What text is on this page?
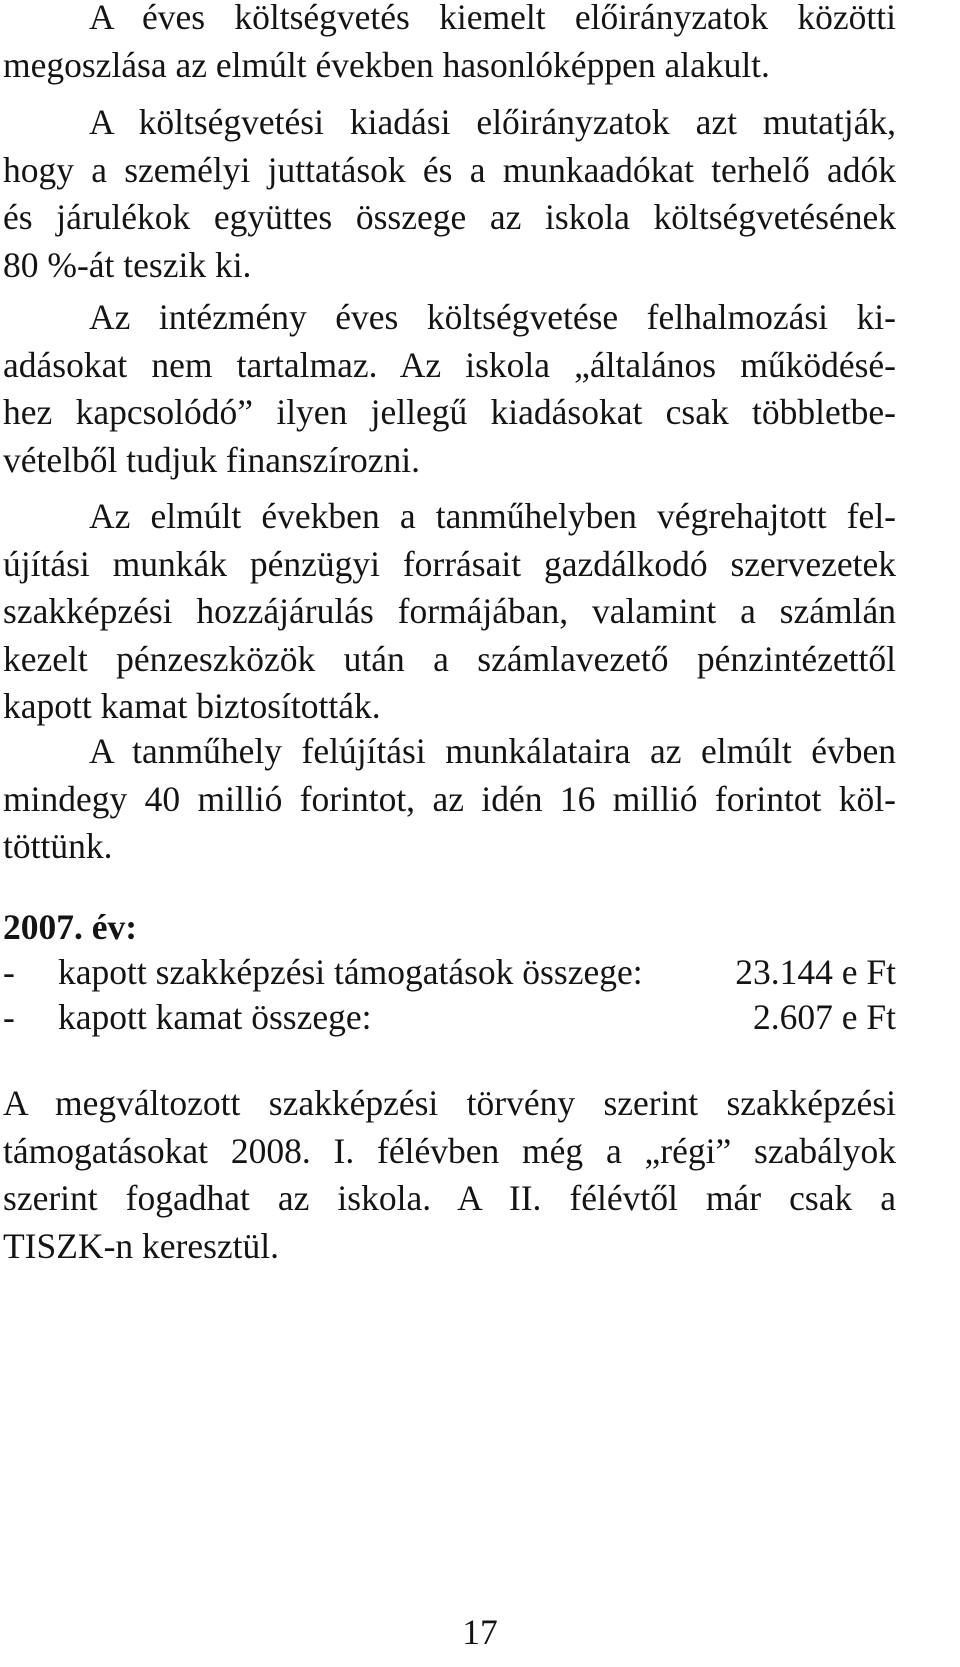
A éves költségvetés kiemelt előirányzatok közötti
megoszlása az elmúlt években hasonlóképpen alakult.

A költségvetési kiadási előirányzatok azt mutatják,
hogy a személyi juttatások és a munkaadókat terhelő adók
és járulékok együttes összege az iskola költségvetésének
80 %-át teszik ki.

Az intézmény éves költségvetése felhalmozási ki-
adásokat nem tartalmaz. Az iskola „általános működésé-
hez kapcsolódó” ilyen jellegű kiadásokat csak többletbe-
vételből tudjuk finanszírozni.

Az elmúlt években a tanműhelyben végrehajtott fel-
újítási munkák pénzügyi forrásait gazdálkodó szervezetek
szakképzési hozzájárulás formájában, valamint a számlán
kezelt pénzeszközök után a számlavezető pénzintézettől
kapott kamat biztosították.

A tanműhely felújítási munkálataira az elmúlt évben
mindegy 40 millió forintot, az idén 16 millió forintot köl-
töttünk.

2007. év:

- kapott szakképzési támogatások összege:	23.144 e Ft
- kapott kamat összege:	2.607 e Ft

A megváltozott szakképzési törvény szerint szakképzési
támogatásokat 2008. I. félévben még a „régi” szabályok
szerint fogadhat az iskola. A II. félévtől már csak a
TISZK-n keresztül.

17
